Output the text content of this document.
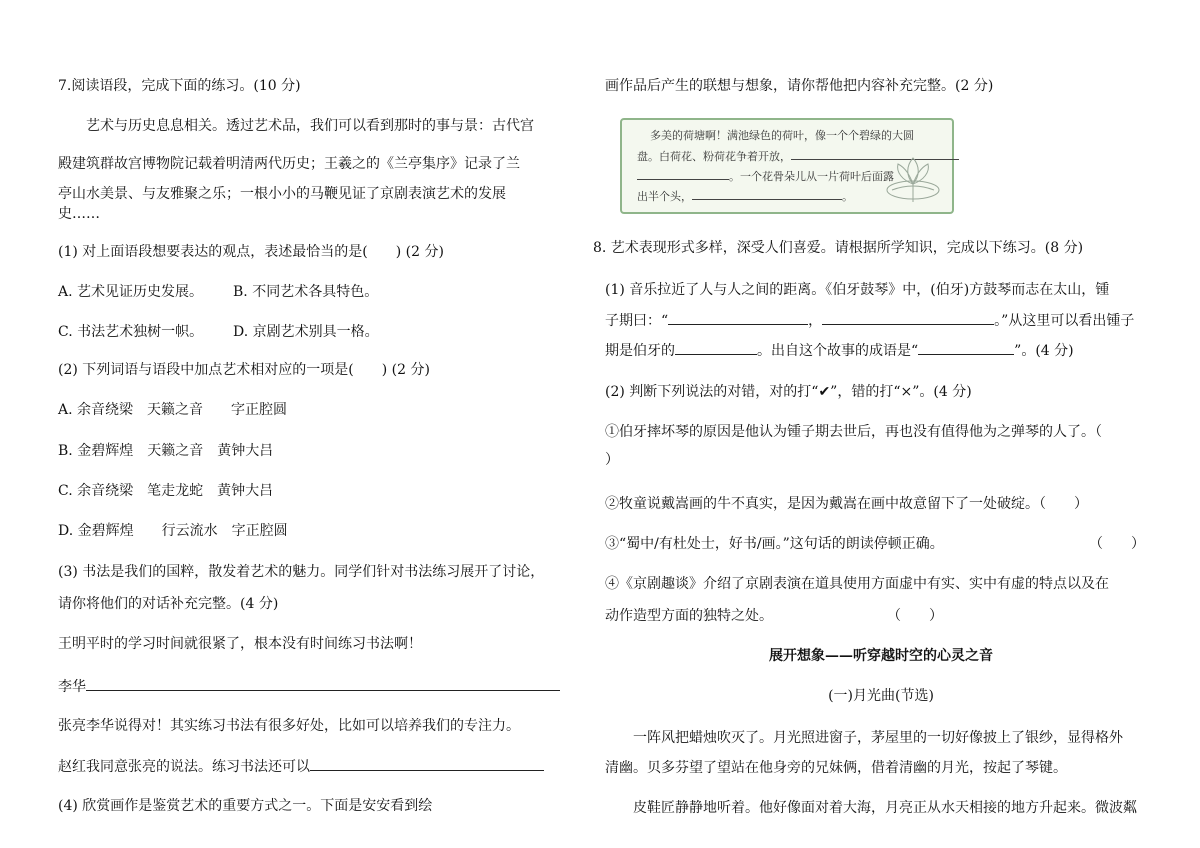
7.阅读语段，完成下面的练习。(10 分)
艺术与历史息息相关。透过艺术品，我们可以看到那时的事与景：古代宫
殿建筑群故宫博物院记载着明清两代历史；王羲之的《兰亭集序》记录了兰
亭山水美景、与友雅聚之乐；一根小小的马鞭见证了京剧表演艺术的发展
史……
(1) 对上面语段想要表达的观点，表述最恰当的是(　　) (2 分)
A. 艺术见证历史发展。 B. 不同艺术各具特色。
C. 书法艺术独树一帜。 D. 京剧艺术别具一格。
(2) 下列词语与语段中加点艺术相对应的一项是(　　) (2 分)
A. 余音绕梁　天籁之音　　字正腔圆
B. 金碧辉煌　天籁之音　黄钟大吕
C. 余音绕梁　笔走龙蛇　黄钟大吕
D. 金碧辉煌　　行云流水　字正腔圆
(3) 书法是我们的国粹，散发着艺术的魅力。同学们针对书法练习展开了讨论，
请你将他们的对话补充完整。(4 分)
王明平时的学习时间就很紧了，根本没有时间练习书法啊！
李华
张亮李华说得对！其实练习书法有很多好处，比如可以培养我们的专注力。
赵红我同意张亮的说法。练习书法还可以
(4) 欣赏画作是鉴赏艺术的重要方式之一。下面是安安看到绘
画作品后产生的联想与想象，请你帮他把内容补充完整。(2 分)
多美的荷塘啊！满池绿色的荷叶，像一个个碧绿的大圆
盘。白荷花、粉荷花争着开放，
。一个花骨朵儿从一片荷叶后面露
出半个头，	。
8. 艺术表现形式多样，深受人们喜爱。请根据所学知识，完成以下练习。(8 分)
(1) 音乐拉近了人与人之间的距离。《伯牙鼓琴》中，(伯牙)方鼓琴而志在太山，锺
子期曰：“	，	。”从这里可以看出锺子
期是伯牙的	。出自这个故事的成语是“	”。(4 分)
(2) 判断下列说法的对错，对的打“✔”，错的打“×”。(4 分)
①伯牙摔坏琴的原因是他认为锺子期去世后，再也没有值得他为之弹琴的人了。（
）
②牧童说戴嵩画的牛不真实，是因为戴嵩在画中故意留下了一处破绽。（　　）
③“蜀中/有杜处士，好书/画。”这句话的朗读停顿正确。	（　　）
④《京剧趣谈》介绍了京剧表演在道具使用方面虚中有实、实中有虚的特点以及在
动作造型方面的独特之处。	（　　）
展开想象——听穿越时空的心灵之音
(一)月光曲(节选)
一阵风把蜡烛吹灭了。月光照进窗子，茅屋里的一切好像披上了银纱，显得格外
清幽。贝多芬望了望站在他身旁的兄妹俩，借着清幽的月光，按起了琴键。
皮鞋匠静静地听着。他好像面对着大海，月亮正从水天相接的地方升起来。微波粼
